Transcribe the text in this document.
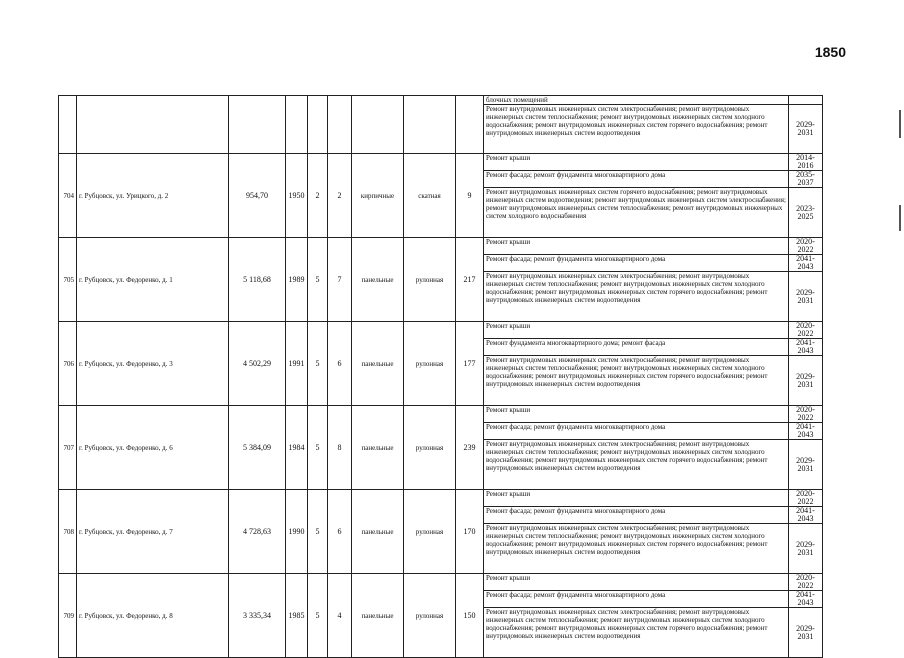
1850
									блочных помещений	
									Ремонт внутридомовых инженерных систем электроснабжения; ремонт внутридомовых инженерных систем теплоснабжения; ремонт внутридомовых инженерных систем холодного водоснабжения; ремонт внутридомовых инженерных систем горячего водоснабжения; ремонт внутридомовых инженерных систем водоотведения	2029-2031
704	г. Рубцовск, ул. Урицкого, д. 2	954,70	1950	2	2	кирпичные	скатная	9	Ремонт крыши	2014-2016
									Ремонт фасада; ремонт фундамента многоквартирного дома	2035-2037
									Ремонт внутридомовых инженерных систем горячего водоснабжения; ремонт внутридомовых инженерных систем водоотведения; ремонт внутридомовых инженерных систем электроснабжения; ремонт внутридомовых инженерных систем теплоснабжения; ремонт внутридомовых инженерных систем холодного водоснабжения	2023-2025
705	г. Рубцовск, ул. Федоренко, д. 1	5 118,68	1989	5	7	панельные	рулонная	217	Ремонт крыши	2020-2022
									Ремонт фасада; ремонт фундамента многоквартирного дома	2041-2043
									Ремонт внутридомовых инженерных систем электроснабжения; ремонт внутридомовых инженерных систем теплоснабжения; ремонт внутридомовых инженерных систем холодного водоснабжения; ремонт внутридомовых инженерных систем горячего водоснабжения; ремонт внутридомовых инженерных систем водоотведения	2029-2031
706	г. Рубцовск, ул. Федоренко, д. 3	4 502,29	1991	5	6	панельные	рулонная	177	Ремонт крыши	2020-2022
									Ремонт фундамента многоквартирного дома; ремонт фасада	2041-2043
									Ремонт внутридомовых инженерных систем электроснабжения; ремонт внутридомовых инженерных систем теплоснабжения; ремонт внутридомовых инженерных систем холодного водоснабжения; ремонт внутридомовых инженерных систем горячего водоснабжения; ремонт внутридомовых инженерных систем водоотведения	2029-2031
707	г. Рубцовск, ул. Федоренко, д. 6	5 384,09	1984	5	8	панельные	рулонная	239	Ремонт крыши	2020-2022
									Ремонт фасада; ремонт фундамента многоквартирного дома	2041-2043
									Ремонт внутридомовых инженерных систем электроснабжения; ремонт внутридомовых инженерных систем теплоснабжения; ремонт внутридомовых инженерных систем холодного водоснабжения; ремонт внутридомовых инженерных систем горячего водоснабжения; ремонт внутридомовых инженерных систем водоотведения	2029-2031
708	г. Рубцовск, ул. Федоренко, д. 7	4 728,63	1990	5	6	панельные	рулонная	170	Ремонт крыши	2020-2022
									Ремонт фасада; ремонт фундамента многоквартирного дома	2041-2043
									Ремонт внутридомовых инженерных систем электроснабжения; ремонт внутридомовых инженерных систем теплоснабжения; ремонт внутридомовых инженерных систем холодного водоснабжения; ремонт внутридомовых инженерных систем горячего водоснабжения; ремонт внутридомовых инженерных систем водоотведения	2029-2031
709	г. Рубцовск, ул. Федоренко, д. 8	3 335,34	1985	5	4	панельные	рулонная	150	Ремонт крыши	2020-2022
									Ремонт фасада; ремонт фундамента многоквартирного дома	2041-2043
									Ремонт внутридомовых инженерных систем электроснабжения; ремонт внутридомовых инженерных систем теплоснабжения; ремонт внутридомовых инженерных систем холодного водоснабжения; ремонт внутридомовых инженерных систем горячего водоснабжения; ремонт внутридомовых инженерных систем водоотведения	2029-2031
